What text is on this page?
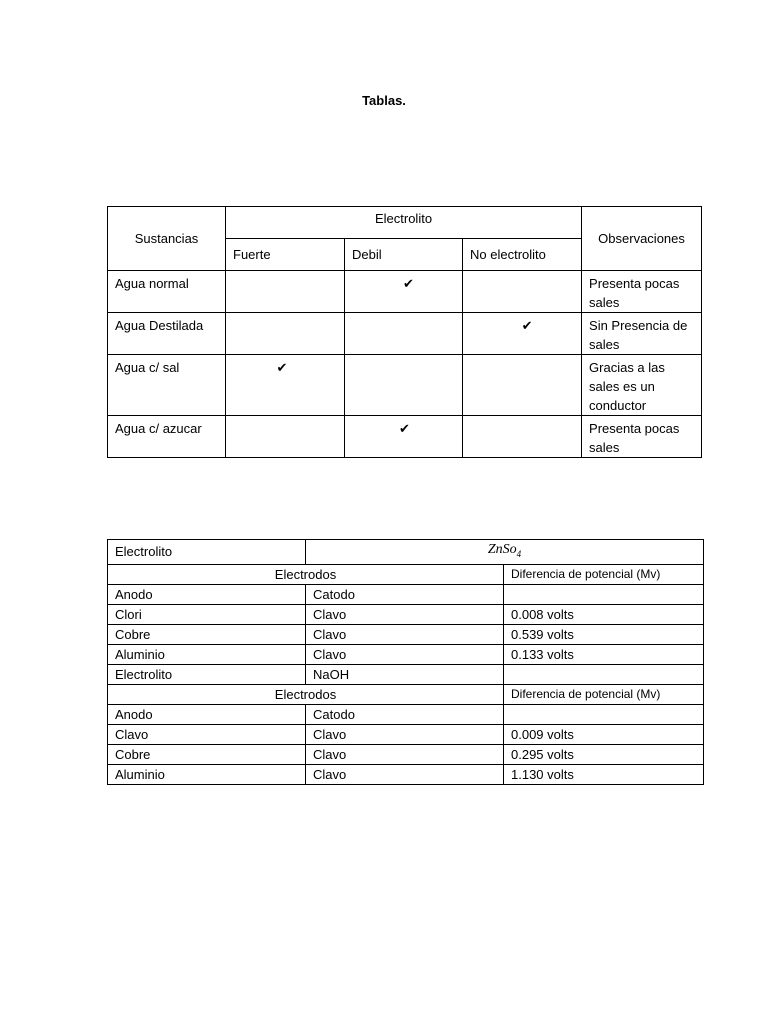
Tablas.
Sustancias	Electrolito			Observaciones
	Fuerte	Debil	No electrolito	
Agua normal		✔		Presenta pocas sales
Agua Destilada			✔	Sin Presencia de sales
Agua c/ sal	✔			Gracias a las sales es un conductor
Agua c/ azucar		✔		Presenta pocas sales
Electrolito	ZnSo$_4$
Electrodos		Diferencia de potencial (Mv)
Anodo	Catodo	
Clori	Clavo	0.008 volts
Cobre	Clavo	0.539 volts
Aluminio	Clavo	0.133 volts
Electrolito	NaOH	
Electrodos		Diferencia de potencial (Mv)
Anodo	Catodo	
Clavo	Clavo	0.009 volts
Cobre	Clavo	0.295 volts
Aluminio	Clavo	1.130 volts
